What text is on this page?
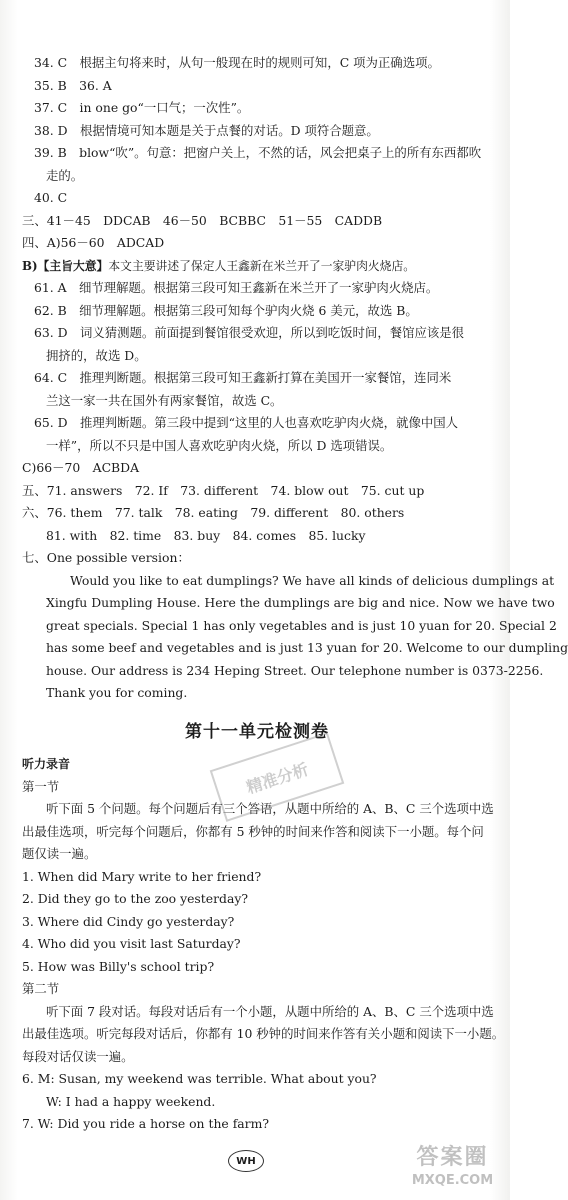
34. C　根据主句将来时，从句一般现在时的规则可知，C 项为正确选项。
35. B　36. A
37. C　in one go“一口气；一次性”。
38. D　根据情境可知本题是关于点餐的对话。D 项符合题意。
39. B　blow“吹”。句意：把窗户关上，不然的话，风会把桌子上的所有东西都吹
走的。
40. C
三、41－45　DDCAB　46－50　BCBBC　51－55　CADDB
四、A)56－60　ADCAD
B)【主旨大意】本文主要讲述了保定人王鑫新在米兰开了一家驴肉火烧店。
61. A　细节理解题。根据第三段可知王鑫新在米兰开了一家驴肉火烧店。
62. B　细节理解题。根据第三段可知每个驴肉火烧 6 美元，故选 B。
63. D　词义猜测题。前面提到餐馆很受欢迎，所以到吃饭时间，餐馆应该是很
拥挤的，故选 D。
64. C　推理判断题。根据第三段可知王鑫新打算在美国开一家餐馆，连同米
兰这一家一共在国外有两家餐馆，故选 C。
65. D　推理判断题。第三段中提到“这里的人也喜欢吃驴肉火烧，就像中国人
一样”，所以不只是中国人喜欢吃驴肉火烧，所以 D 选项错误。
C)66－70　ACBDA
五、71. answers　72. If　73. different　74. blow out　75. cut up
六、76. them　77. talk　78. eating　79. different　80. others
81. with　82. time　83. buy　84. comes　85. lucky
七、One possible version：
Would you like to eat dumplings? We have all kinds of delicious dumplings at
Xingfu Dumpling House. Here the dumplings are big and nice. Now we have two
great specials. Special 1 has only vegetables and is just 10 yuan for 20. Special 2
has some beef and vegetables and is just 13 yuan for 20. Welcome to our dumpling
house. Our address is 234 Heping Street. Our telephone number is 0373-2256.
Thank you for coming.
第十一单元检测卷
听力录音
第一节
听下面 5 个问题。每个问题后有三个答语，从题中所给的 A、B、C 三个选项中选
出最佳选项，听完每个问题后，你都有 5 秒钟的时间来作答和阅读下一小题。每个问
题仅读一遍。
1. When did Mary write to her friend?
2. Did they go to the zoo yesterday?
3. Where did Cindy go yesterday?
4. Who did you visit last Saturday?
5. How was Billy's school trip?
第二节
听下面 7 段对话。每段对话后有一个小题，从题中所给的 A、B、C 三个选项中选
出最佳选项。听完每段对话后，你都有 10 秒钟的时间来作答有关小题和阅读下一小题。
每段对话仅读一遍。
6. M: Susan, my weekend was terrible. What about you?
W: I had a happy weekend.
7. W: Did you ride a horse on the farm?
精准分析
WH	答案圈
MXQE.COM
